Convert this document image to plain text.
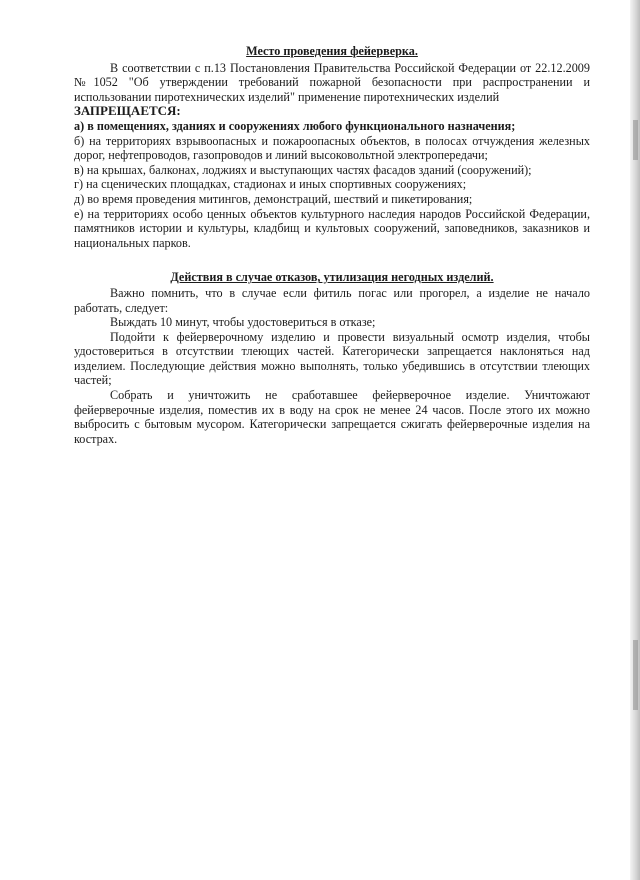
Место проведения фейерверка.

В соответствии с п.13 Постановления Правительства Российской Федерации от 22.12.2009 №1052 "Об утверждении требований пожарной безопасности при распространении и использовании пиротехнических изделий" применение пиротехнических изделий

ЗАПРЕЩАЕТСЯ:

а) в помещениях, зданиях и сооружениях любого функционального назначения;

б) на территориях взрывоопасных и пожароопасных объектов, в полосах отчуждения железных дорог, нефтепроводов, газопроводов и линий высоковольтной электропередачи;

в) на крышах, балконах, лоджиях и выступающих частях фасадов зданий (сооружений);

г) на сценических площадках, стадионах и иных спортивных сооружениях;

д) во время проведения митингов, демонстраций, шествий и пикетирования;

е) на территориях особо ценных объектов культурного наследия народов Российской Федерации, памятников истории и культуры, кладбищ и культовых сооружений, заповедников, заказников и национальных парков.

Действия в случае отказов, утилизация негодных изделий.

Важно помнить, что в случае если фитиль погас или прогорел, а изделие не начало работать, следует:

Выждать 10 минут, чтобы удостовериться в отказе;

Подойти к фейерверочному изделию и провести визуальный осмотр изделия, чтобы удостовериться в отсутствии тлеющих частей. Категорически запрещается наклоняться над изделием. Последующие действия можно выполнять, только убедившись в отсутствии тлеющих частей;

Собрать и уничтожить не сработавшее фейерверочное изделие. Уничтожают фейерверочные изделия, поместив их в воду на срок не менее 24 часов. После этого их можно выбросить с бытовым мусором. Категорически запрещается сжигать фейерверочные изделия на кострах.
